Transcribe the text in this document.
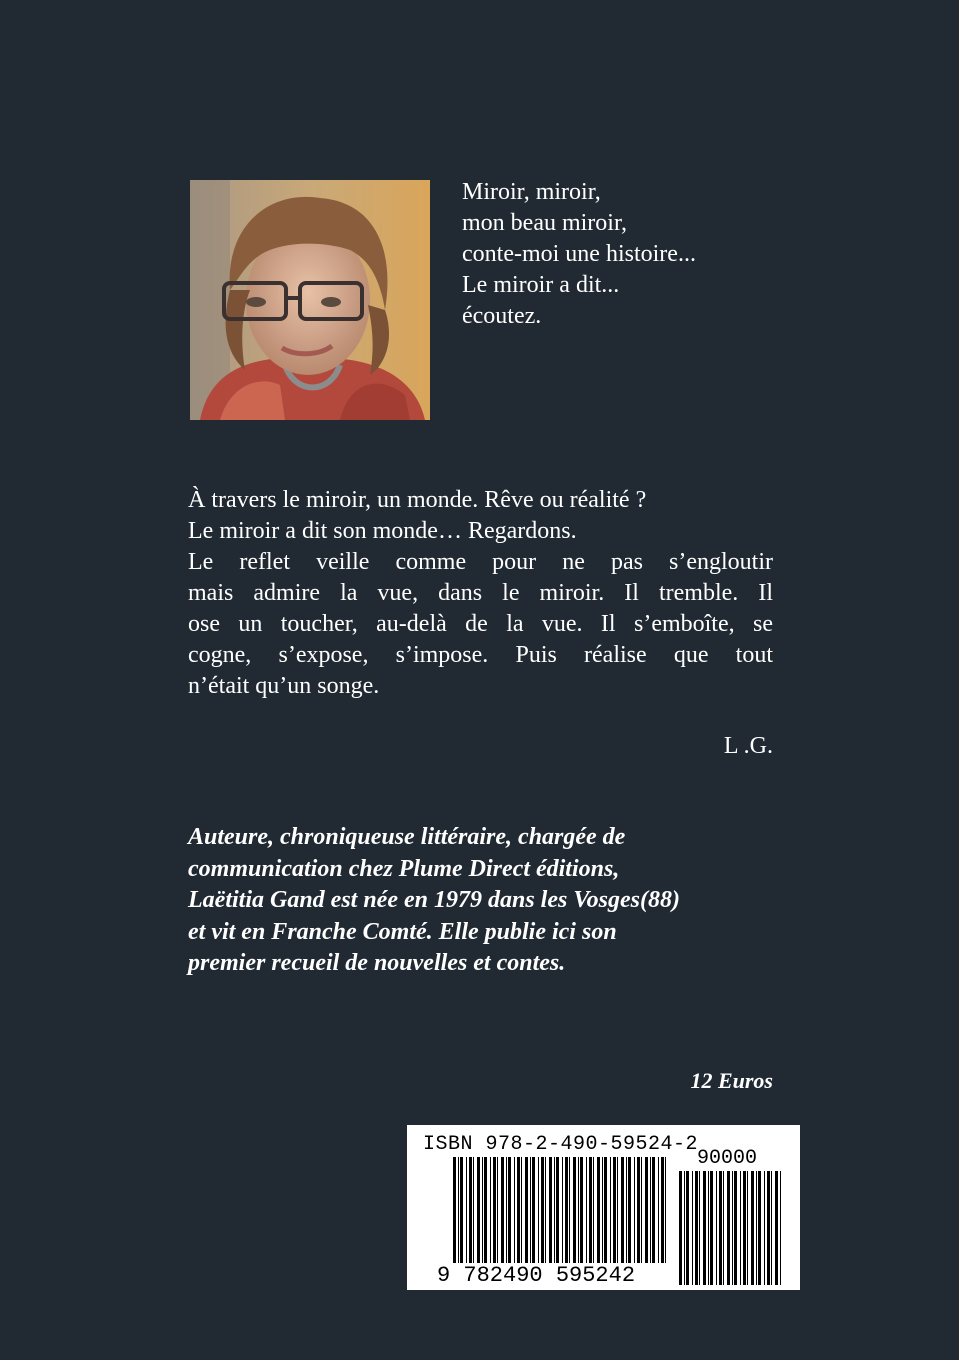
Miroir, miroir,
mon beau miroir,
conte-moi une histoire...
Le miroir a dit...
écoutez.
À travers le miroir, un monde. Rêve ou réalité ?
Le miroir a dit son monde… Regardons.
Le reflet veille comme pour ne pas s’engloutir
mais admire la vue, dans le miroir. Il tremble. Il
ose un toucher, au-delà de la vue. Il s’emboîte, se
cogne, s’expose, s’impose. Puis réalise que tout
n’était qu’un songe.
L .G.
Auteure, chroniqueuse littéraire, chargée de
communication chez Plume Direct éditions,
Laëtitia Gand est née en 1979 dans les Vosges(88)
et vit en Franche Comté. Elle publie ici son
premier recueil de nouvelles et contes.
12 Euros
ISBN 978-2-490-59524-2
90000
9 782490 595242
